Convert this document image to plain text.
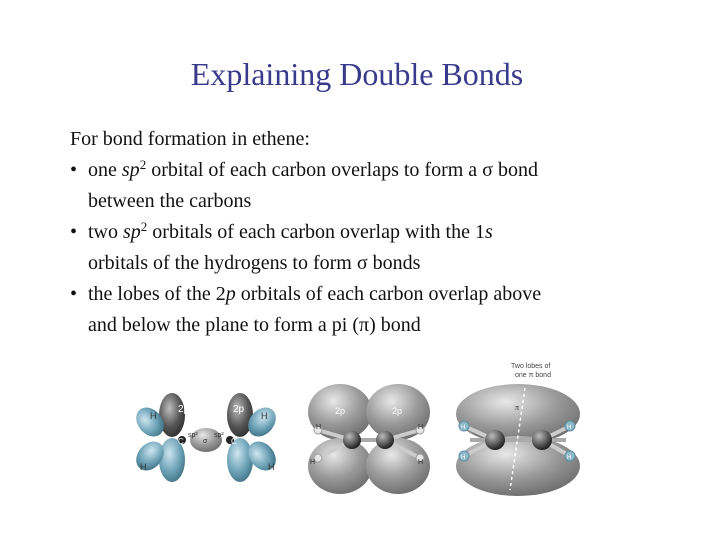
Explaining Double Bonds
For bond formation in ethene:
• one $sp^2$ orbital of each carbon overlaps to form a σ bond
between the carbons
• two $sp^2$ orbitals of each carbon overlap with the 1s
orbitals of the hydrogens to form σ bonds
• the lobes of the 2p orbitals of each carbon overlap above
and below the plane to form a pi (π) bond
2p	2p
H
H
H
H
C	C
sp² sp²
σ
2p	2p
H
H
H
H
Two lobes of
one π bond
π
H
H
H
H
